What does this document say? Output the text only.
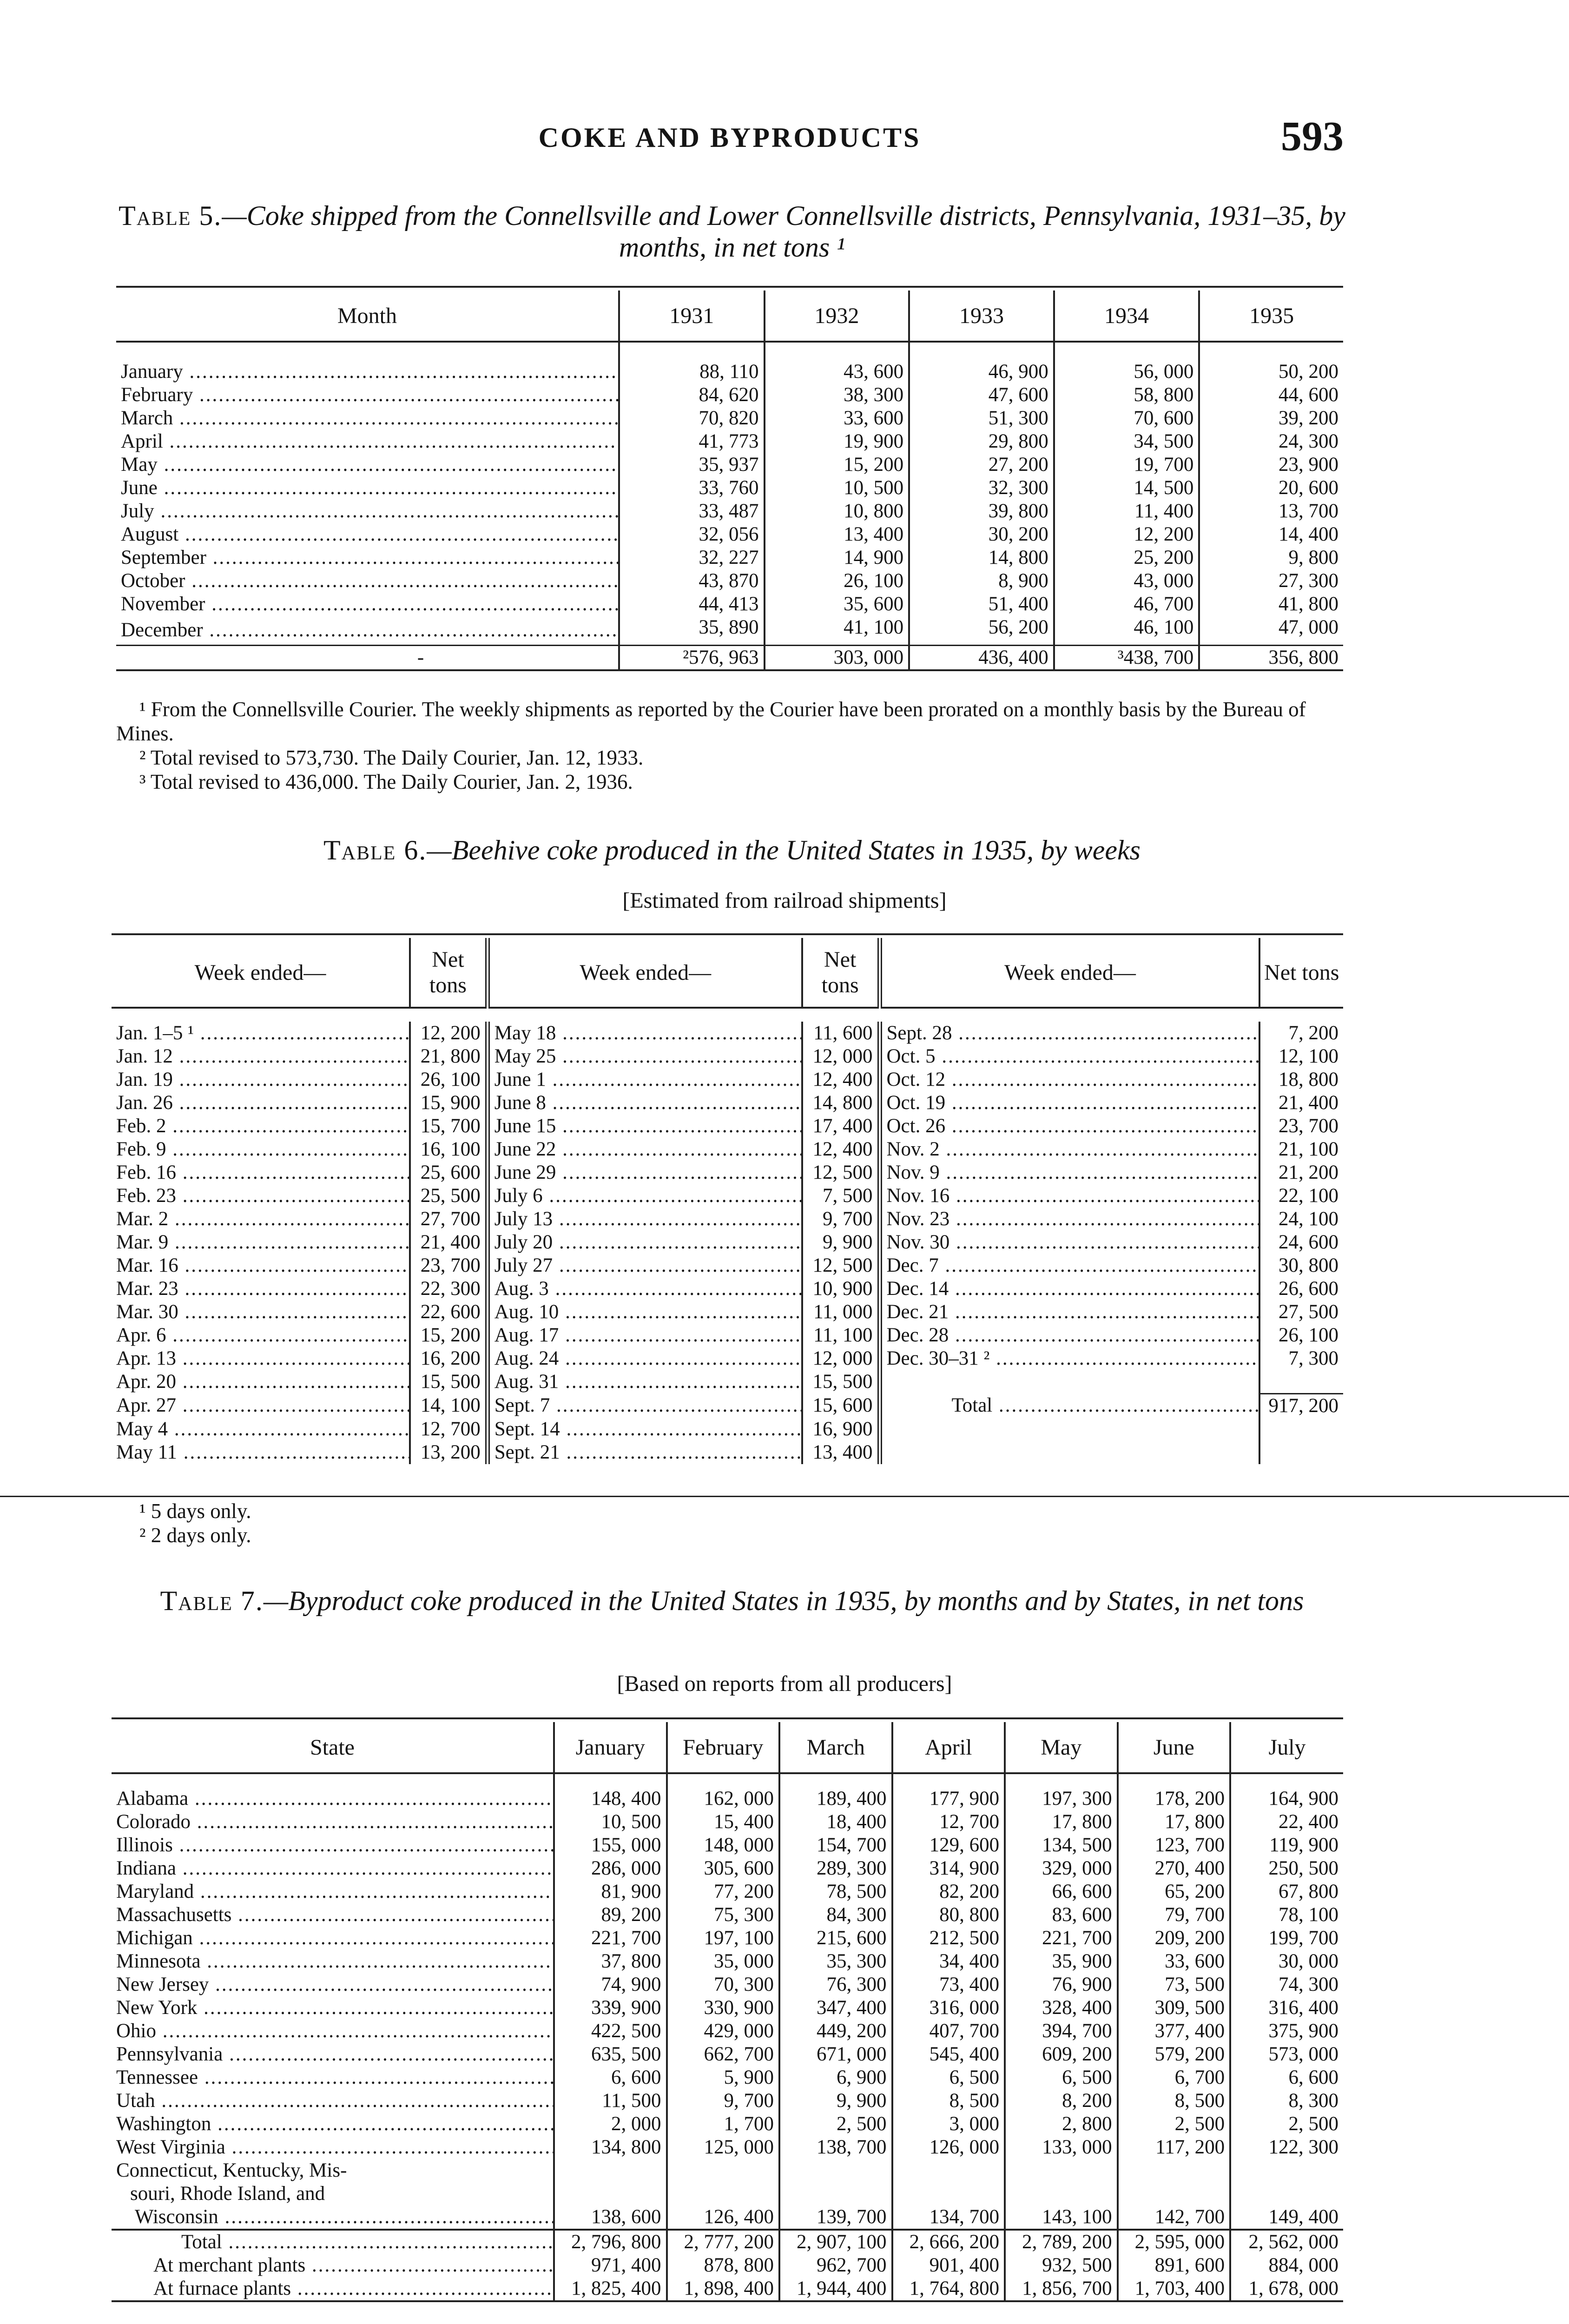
COKE AND BYPRODUCTS	593
Table 5.—Coke shipped from the Connellsville and Lower Connellsville districts, Pennsylvania, 1931–35, by months, in net tons ¹
Month	1931	1932	1933	1934	1935

January .....	88, 110	43, 600	46, 900	56, 000	50, 200
February .....	84, 620	38, 300	47, 600	58, 800	44, 600
March .....	70, 820	33, 600	51, 300	70, 600	39, 200
April .....	41, 773	19, 900	29, 800	34, 500	24, 300
May .....	35, 937	15, 200	27, 200	19, 700	23, 900
June .....	33, 760	10, 500	32, 300	14, 500	20, 600
July .....	33, 487	10, 800	39, 800	11, 400	13, 700
August .....	32, 056	13, 400	30, 200	12, 200	14, 400
September .....	32, 227	14, 900	14, 800	25, 200	9, 800
October .....	43, 870	26, 100	8, 900	43, 000	27, 300
November .....	44, 413	35, 600	51, 400	46, 700	41, 800
December .....	35, 890	41, 100	56, 200	46, 100	47, 000
-	²576, 963	303, 000	436, 400	³438, 700	356, 800
¹ From the Connellsville Courier. The weekly shipments as reported by the Courier have been prorated on a monthly basis by the Bureau of Mines.
² Total revised to 573,730. The Daily Courier, Jan. 12, 1933.
³ Total revised to 436,000. The Daily Courier, Jan. 2, 1936.
Table 6.—Beehive coke produced in the United States in 1935, by weeks
[Estimated from railroad shipments]
Week ended—	Net tons	Week ended—	Net tons	Week ended—	Net tons

Jan. 1–5 ¹ .....	12, 200	May 18 .....	11, 600	Sept. 28 .....	7, 200
Jan. 12 .....	21, 800	May 25 .....	12, 000	Oct. 5 .....	12, 100
Jan. 19 .....	26, 100	June 1 .....	12, 400	Oct. 12 .....	18, 800
Jan. 26 .....	15, 900	June 8 .....	14, 800	Oct. 19 .....	21, 400
Feb. 2 .....	15, 700	June 15 .....	17, 400	Oct. 26 .....	23, 700
Feb. 9 .....	16, 100	June 22 .....	12, 400	Nov. 2 .....	21, 100
Feb. 16 .....	25, 600	June 29 .....	12, 500	Nov. 9 .....	21, 200
Feb. 23 .....	25, 500	July 6 .....	7, 500	Nov. 16 .....	22, 100
Mar. 2 .....	27, 700	July 13 .....	9, 700	Nov. 23 .....	24, 100
Mar. 9 .....	21, 400	July 20 .....	9, 900	Nov. 30 .....	24, 600
Mar. 16 .....	23, 700	July 27 .....	12, 500	Dec. 7 .....	30, 800
Mar. 23 .....	22, 300	Aug. 3 .....	10, 900	Dec. 14 .....	26, 600
Mar. 30 .....	22, 600	Aug. 10 .....	11, 000	Dec. 21 .....	27, 500
Apr. 6 .....	15, 200	Aug. 17 .....	11, 100	Dec. 28 .....	26, 100
Apr. 13 .....	16, 200	Aug. 24 .....	12, 000	Dec. 30–31 ² .....	7, 300
Apr. 20 .....	15, 500	Aug. 31 .....	15, 500		
Apr. 27 .....	14, 100	Sept. 7 .....	15, 600	Total .....	917, 200
May 4 .....	12, 700	Sept. 14 .....	16, 900		
May 11 .....	13, 200	Sept. 21 .....	13, 400		
¹ 5 days only.
² 2 days only.
Table 7.—Byproduct coke produced in the United States in 1935, by months and by States, in net tons
[Based on reports from all producers]
State	January	February	March	April	May	June	July

Alabama .....	148, 400	162, 000	189, 400	177, 900	197, 300	178, 200	164, 900
Colorado .....	10, 500	15, 400	18, 400	12, 700	17, 800	17, 800	22, 400
Illinois .....	155, 000	148, 000	154, 700	129, 600	134, 500	123, 700	119, 900
Indiana .....	286, 000	305, 600	289, 300	314, 900	329, 000	270, 400	250, 500
Maryland .....	81, 900	77, 200	78, 500	82, 200	66, 600	65, 200	67, 800
Massachusetts .....	89, 200	75, 300	84, 300	80, 800	83, 600	79, 700	78, 100
Michigan .....	221, 700	197, 100	215, 600	212, 500	221, 700	209, 200	199, 700
Minnesota .....	37, 800	35, 000	35, 300	34, 400	35, 900	33, 600	30, 000
New Jersey .....	74, 900	70, 300	76, 300	73, 400	76, 900	73, 500	74, 300
New York .....	339, 900	330, 900	347, 400	316, 000	328, 400	309, 500	316, 400
Ohio .....	422, 500	429, 000	449, 200	407, 700	394, 700	377, 400	375, 900
Pennsylvania .....	635, 500	662, 700	671, 000	545, 400	609, 200	579, 200	573, 000
Tennessee .....	6, 600	5, 900	6, 900	6, 500	6, 500	6, 700	6, 600
Utah .....	11, 500	9, 700	9, 900	8, 500	8, 200	8, 500	8, 300
Washington .....	2, 000	1, 700	2, 500	3, 000	2, 800	2, 500	2, 500
West Virginia .....	134, 800	125, 000	138, 700	126, 000	133, 000	117, 200	122, 300
Connecticut, Kentucky, Mis-							
souri, Rhode Island, and							
Wisconsin .....	138, 600	126, 400	139, 700	134, 700	143, 100	142, 700	149, 400
Total .....	2, 796, 800	2, 777, 200	2, 907, 100	2, 666, 200	2, 789, 200	2, 595, 000	2, 562, 000
At merchant plants .....	971, 400	878, 800	962, 700	901, 400	932, 500	891, 600	884, 000
At furnace plants .....	1, 825, 400	1, 898, 400	1, 944, 400	1, 764, 800	1, 856, 700	1, 703, 400	1, 678, 000
